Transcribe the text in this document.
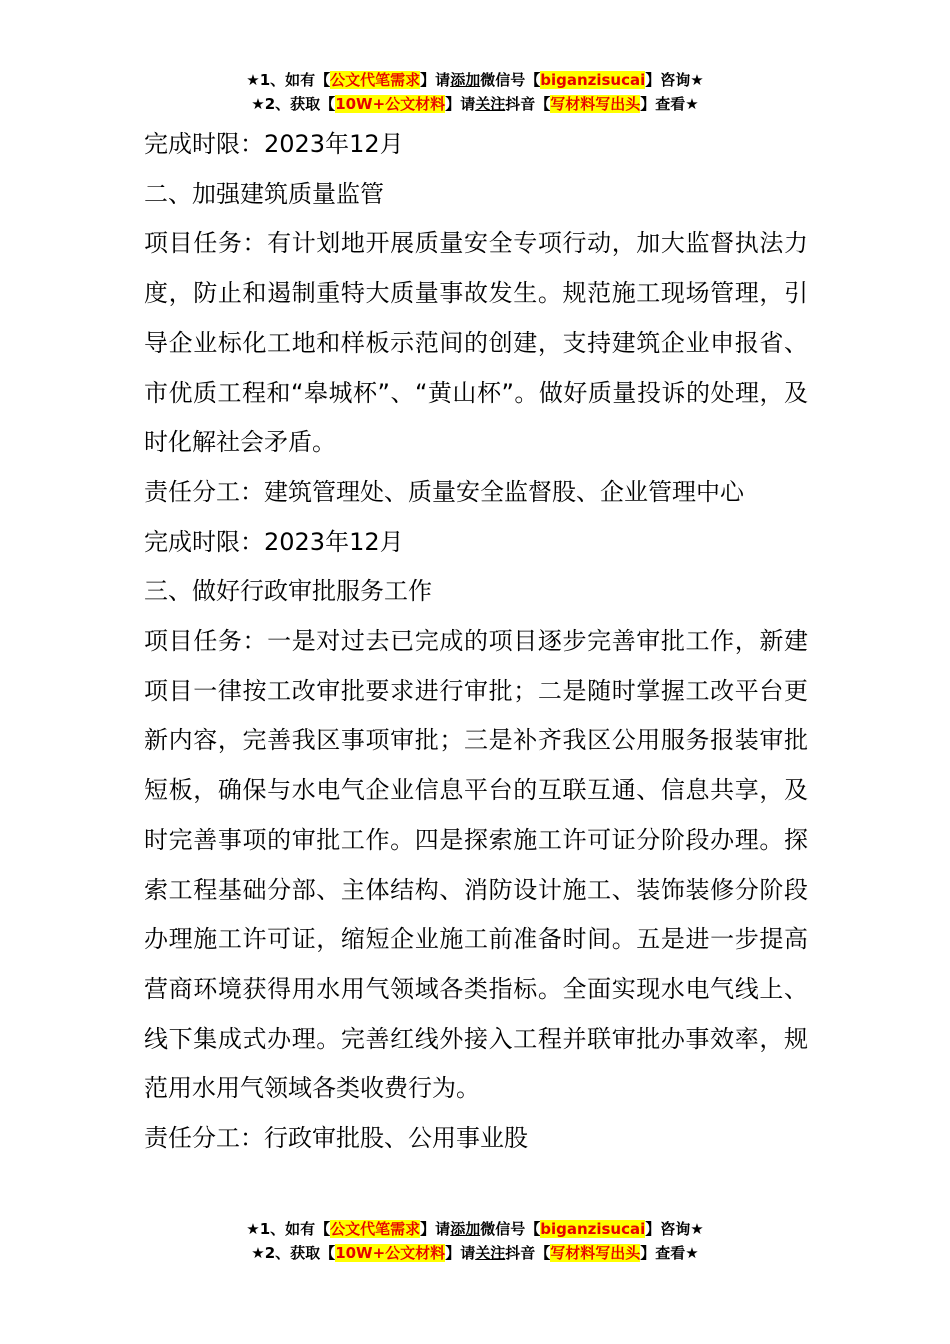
★1、如有【公文代笔需求】请添加微信号【biganzisucai】咨询★
★2、获取【10W+公文材料】请关注抖音【写材料写出头】查看★

完成时限：2023年12月

二、加强建筑质量监管

项目任务：有计划地开展质量安全专项行动，加大监督执法力度，防止和遏制重特大质量事故发生。规范施工现场管理，引导企业标化工地和样板示范间的创建，支持建筑企业申报省、市优质工程和“皋城杯”、“黄山杯”。做好质量投诉的处理，及时化解社会矛盾。

责任分工：建筑管理处、质量安全监督股、企业管理中心

完成时限：2023年12月

三、做好行政审批服务工作

项目任务：一是对过去已完成的项目逐步完善审批工作，新建项目一律按工改审批要求进行审批；二是随时掌握工改平台更新内容，完善我区事项审批；三是补齐我区公用服务报装审批短板，确保与水电气企业信息平台的互联互通、信息共享，及时完善事项的审批工作。四是探索施工许可证分阶段办理。探索工程基础分部、主体结构、消防设计施工、装饰装修分阶段办理施工许可证，缩短企业施工前准备时间。五是进一步提高营商环境获得用水用气领域各类指标。全面实现水电气线上、线下集成式办理。完善红线外接入工程并联审批办事效率，规范用水用气领域各类收费行为。

责任分工：行政审批股、公用事业股

★1、如有【公文代笔需求】请添加微信号【biganzisucai】咨询★
★2、获取【10W+公文材料】请关注抖音【写材料写出头】查看★
